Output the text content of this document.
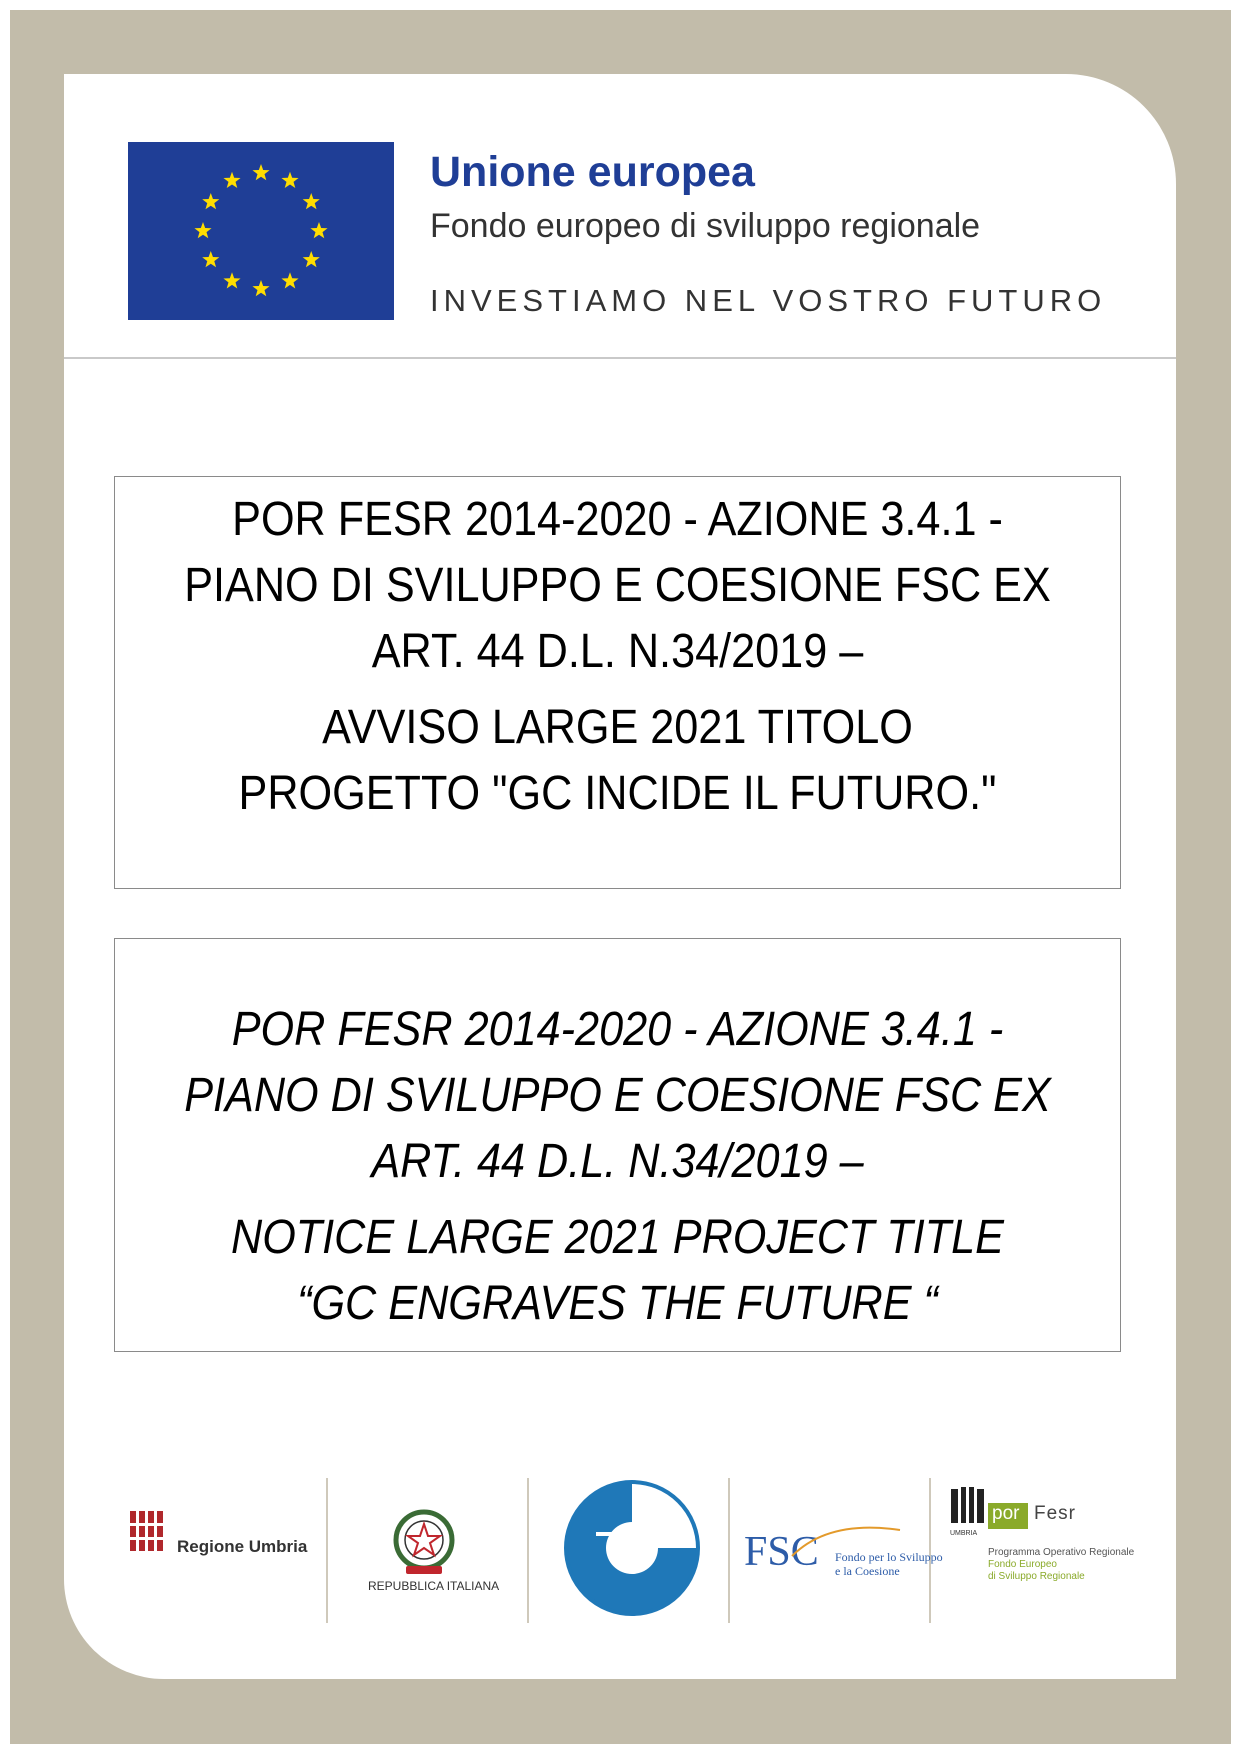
Unione europea
Fondo europeo di sviluppo regionale
INVESTIAMO NEL VOSTRO FUTURO

POR FESR 2014-2020 - AZIONE 3.4.1 -
PIANO DI SVILUPPO E COESIONE FSC EX
ART. 44 D.L. N.34/2019 –

AVVISO LARGE 2021 TITOLO
PROGETTO "GC INCIDE IL FUTURO."

POR FESR 2014-2020 - AZIONE 3.4.1 -
PIANO DI SVILUPPO E COESIONE FSC EX
ART. 44 D.L. N.34/2019 –

NOTICE LARGE 2021 PROJECT TITLE
“GC ENGRAVES THE FUTURE “

Regione Umbria
REPUBBLICA ITALIANA
MARMI FSC Fondo per lo Sviluppo
e la Coesione
UMBRIA
por Fesr
Programma Operativo Regionale
Fondo Europeo
di Sviluppo Regionale
